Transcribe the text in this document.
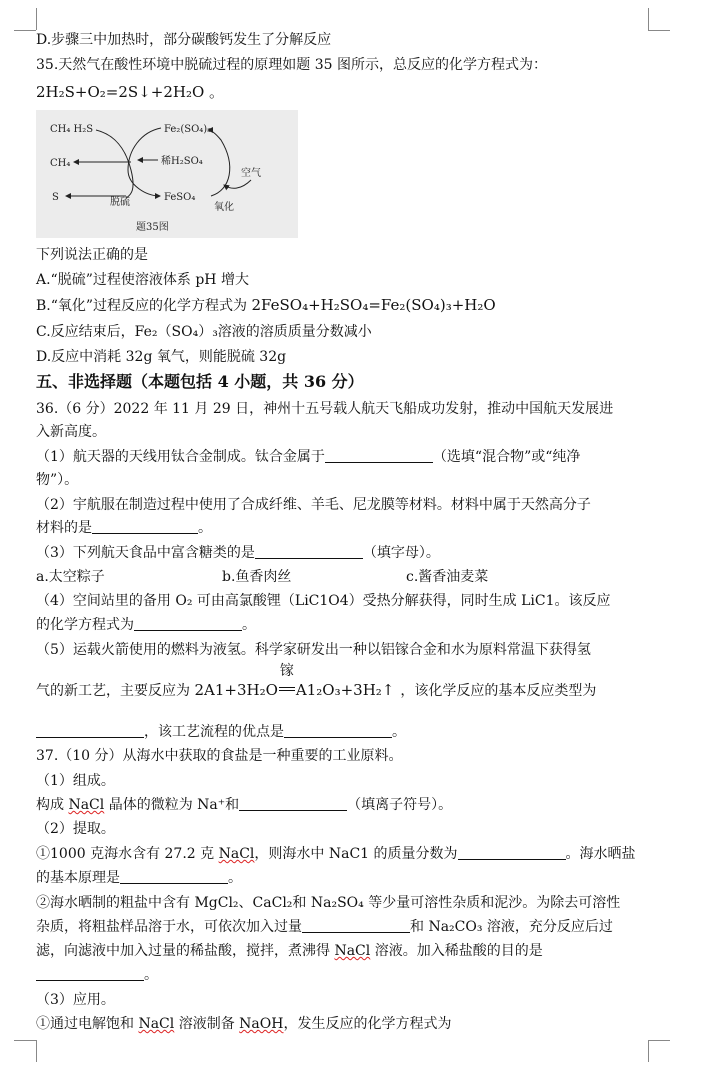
D.步骤三中加热时，部分碳酸钙发生了分解反应
35.天然气在酸性环境中脱硫过程的原理如题 35 图所示，总反应的化学方程式为：
2H₂S+O₂=2S↓+2H₂O 。
CH₄ H₂S
CH₄
S
Fe₂(SO₄)₃
稀H₂SO₄
FeSO₄
空气
脱硫	氧化
题35图
下列说法正确的是
A.“脱硫”过程使溶液体系 pH 增大
B.“氧化”过程反应的化学方程式为 2FeSO₄+H₂SO₄=Fe₂(SO₄)₃+H₂O
C.反应结束后，Fe₂（SO₄）₃溶液的溶质质量分数减小
D.反应中消耗 32g 氧气，则能脱硫 32g
五、非选择题（本题包括 4 小题，共 36 分）
36.（6 分）2022 年 11 月 29 日，神州十五号载人航天飞船成功发射，推动中国航天发展进
入新高度。
（1）航天器的天线用钛合金制成。钛合金属于	（选填“混合物”或“纯净
物”）。
（2）宇航服在制造过程中使用了合成纤维、羊毛、尼龙膜等材料。材料中属于天然高分子
材料的是	。
（3）下列航天食品中富含糖类的是	（填字母）。
a.太空粽子	b.鱼香肉丝	c.酱香油麦菜
（4）空间站里的备用 O₂ 可由高氯酸锂（LiC1O4）受热分解获得，同时生成 LiC1。该反应
的化学方程式为	。
（5）运载火箭使用的燃料为液氢。科学家研发出一种以铝镓合金和水为原料常温下获得氢
气的新工艺，主要反应为 2A1+3H₂O
镓
A1₂O₃+3H₂↑ ，该化学反应的基本反应类型为
，该工艺流程的优点是	。
37.（10 分）从海水中获取的食盐是一种重要的工业原料。
（1）组成。
构成 NaCl 晶体的微粒为 Na⁺和	（填离子符号）。
（2）提取。
①1000 克海水含有 27.2 克 NaCl，则海水中 NaC1 的质量分数为	。海水晒盐
的基本原理是	。
②海水晒制的粗盐中含有 MgCl₂、CaCl₂和 Na₂SO₄ 等少量可溶性杂质和泥沙。为除去可溶性
杂质，将粗盐样品溶于水，可依次加入过量	和 Na₂CO₃ 溶液，充分反应后过
滤，向滤液中加入过量的稀盐酸，搅拌，煮沸得 NaCl 溶液。加入稀盐酸的目的是
。
（3）应用。
①通过电解饱和 NaCl 溶液制备 NaOH，发生反应的化学方程式为
